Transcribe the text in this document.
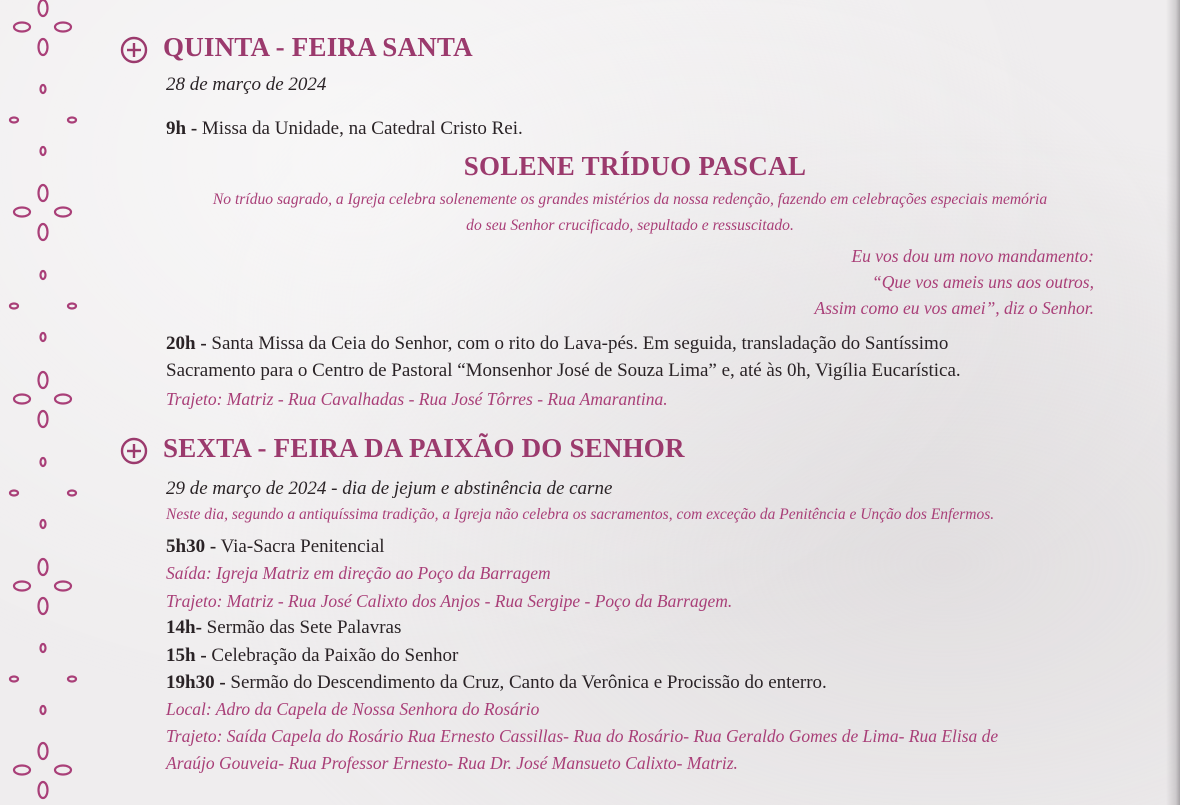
QUINTA - FEIRA SANTA

28 de março de 2024

9h - Missa da Unidade, na Catedral Cristo Rei.

SOLENE TRÍDUO PASCAL
No tríduo sagrado, a Igreja celebra solenemente os grandes mistérios da nossa redenção, fazendo em celebrações especiais memória
do seu Senhor crucificado, sepultado e ressuscitado.
Eu vos dou um novo mandamento:
“Que vos ameis uns aos outros,
Assim como eu vos amei”, diz o Senhor.

20h - Santa Missa da Ceia do Senhor, com o rito do Lava-pés. Em seguida, transladação do Santíssimo

Sacramento para o Centro de Pastoral “Monsenhor José de Souza Lima” e, até às 0h, Vigília Eucarística.

Trajeto: Matriz - Rua Cavalhadas - Rua José Tôrres - Rua Amarantina.

SEXTA - FEIRA DA PAIXÃO DO SENHOR

29 de março de 2024 - dia de jejum e abstinência de carne

Neste dia, segundo a antiquíssima tradição, a Igreja não celebra os sacramentos, com exceção da Penitência e Unção dos Enfermos.

5h30 - Via-Sacra Penitencial

Saída: Igreja Matriz em direção ao Poço da Barragem

Trajeto: Matriz - Rua José Calixto dos Anjos - Rua Sergipe - Poço da Barragem.

14h- Sermão das Sete Palavras

15h - Celebração da Paixão do Senhor

19h30 - Sermão do Descendimento da Cruz, Canto da Verônica e Procissão do enterro.

Local: Adro da Capela de Nossa Senhora do Rosário

Trajeto: Saída Capela do Rosário Rua Ernesto Cassillas- Rua do Rosário- Rua Geraldo Gomes de Lima- Rua Elisa de

Araújo Gouveia- Rua Professor Ernesto- Rua Dr. José Mansueto Calixto- Matriz.
